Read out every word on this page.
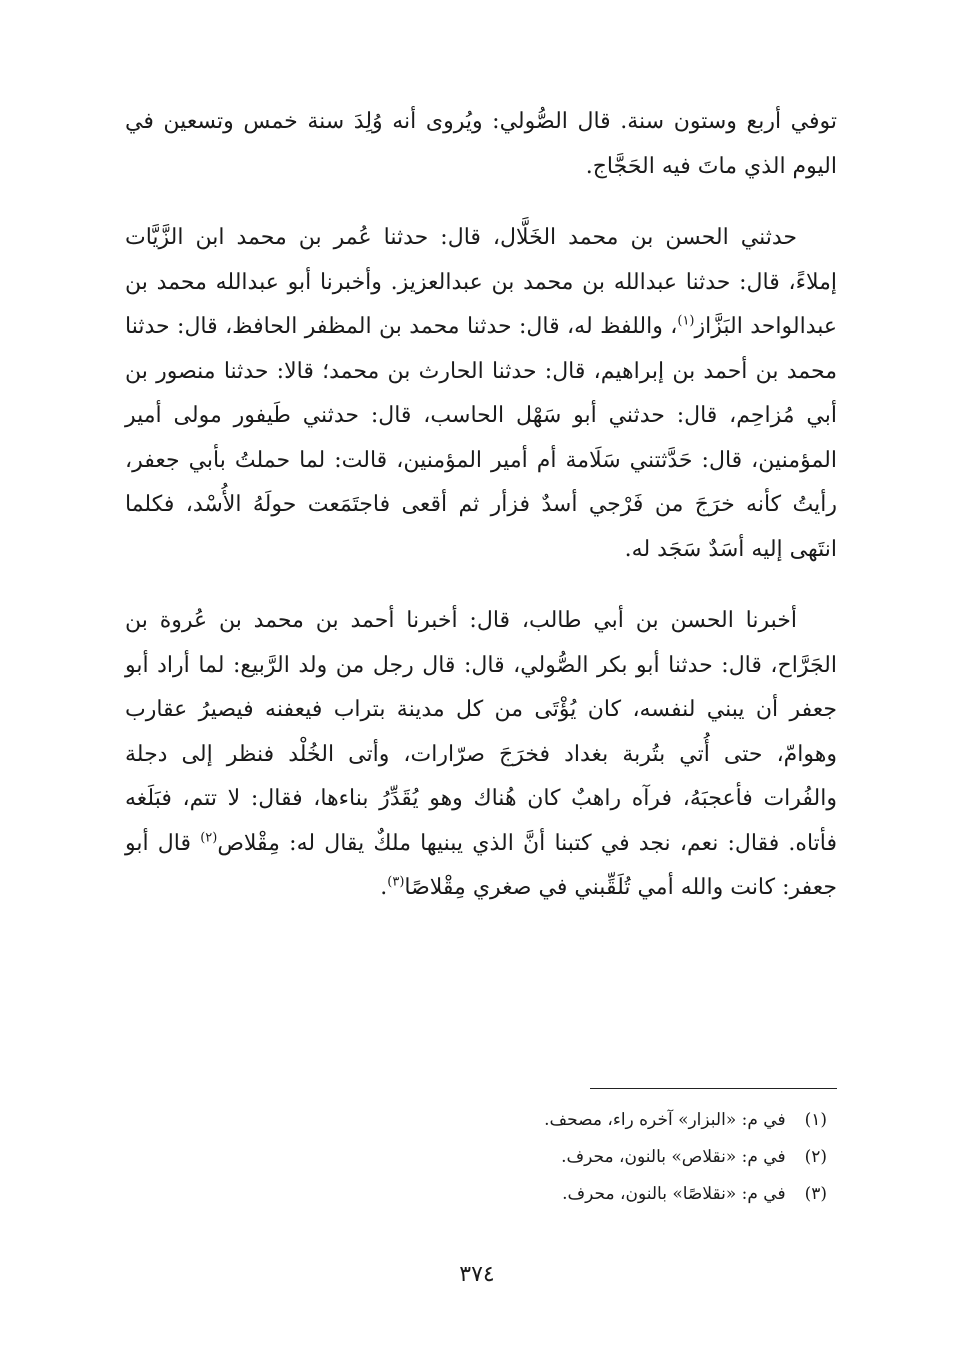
توفي أربع وستون سنة. قال الصُّولي: ويُروى أنه وُلِدَ سنة خمس وتسعين في اليوم الذي ماتَ فيه الحَجَّاج.

حدثني الحسن بن محمد الخَلَّال، قال: حدثنا عُمر بن محمد ابن الزَّيَّات إملاءً، قال: حدثنا عبدالله بن محمد بن عبدالعزيز. وأخبرنا أبو عبدالله محمد بن عبدالواحد البَزَّاز$^{(١)}$، واللفظ له، قال: حدثنا محمد بن المظفر الحافظ، قال: حدثنا محمد بن أحمد بن إبراهيم، قال: حدثنا الحارث بن محمد؛ قالا: حدثنا منصور بن أبي مُزاحِم، قال: حدثني أبو سَهْل الحاسب، قال: حدثني طَيفور مولى أمير المؤمنين، قال: حَدَّثتني سَلَامة أم أمير المؤمنين، قالت: لما حملتُ بأبي جعفر، رأيتُ كأنه خرَجَ من فَرْجي أسدٌ فزأر ثم أقعى فاجتَمَعت حولَهُ الأُسْد، فكلما انتَهى إليه أسَدٌ سَجَد له.

أخبرنا الحسن بن أبي طالب، قال: أخبرنا أحمد بن محمد بن عُروة بن الجَرَّاح، قال: حدثنا أبو بكر الصُّولي، قال: قال رجل من ولد الرَّبيع: لما أراد أبو جعفر أن يبني لنفسه، كان يُؤْتَى من كل مدينة بتراب فيعفنه فيصيرُ عقارب وهوامّ، حتى أُتي بتُربة بغداد فخرَجَ صرّارات، وأتى الخُلْد فنظر إلى دجلة والفُرات فأعجبَهُ، فرآه راهبٌ كان هُناك وهو يُقَدِّرُ بناءها، فقال: لا تتم، فبَلَغه فأتاه. فقال: نعم، نجد في كتبنا أنَّ الذي يبنيها ملكٌ يقال له: مِقْلاص$^{(٢)}$ قال أبو جعفر: كانت والله أمي تُلَقِّبني في صغري مِقْلاصًا$^{(٣)}$.

(١) في م: «البزار» آخره راء، مصحف.
(٢) في م: «نقلاص» بالنون، محرف.
(٣) في م: «نقلاصًا» بالنون، محرف.
٣٧٤
